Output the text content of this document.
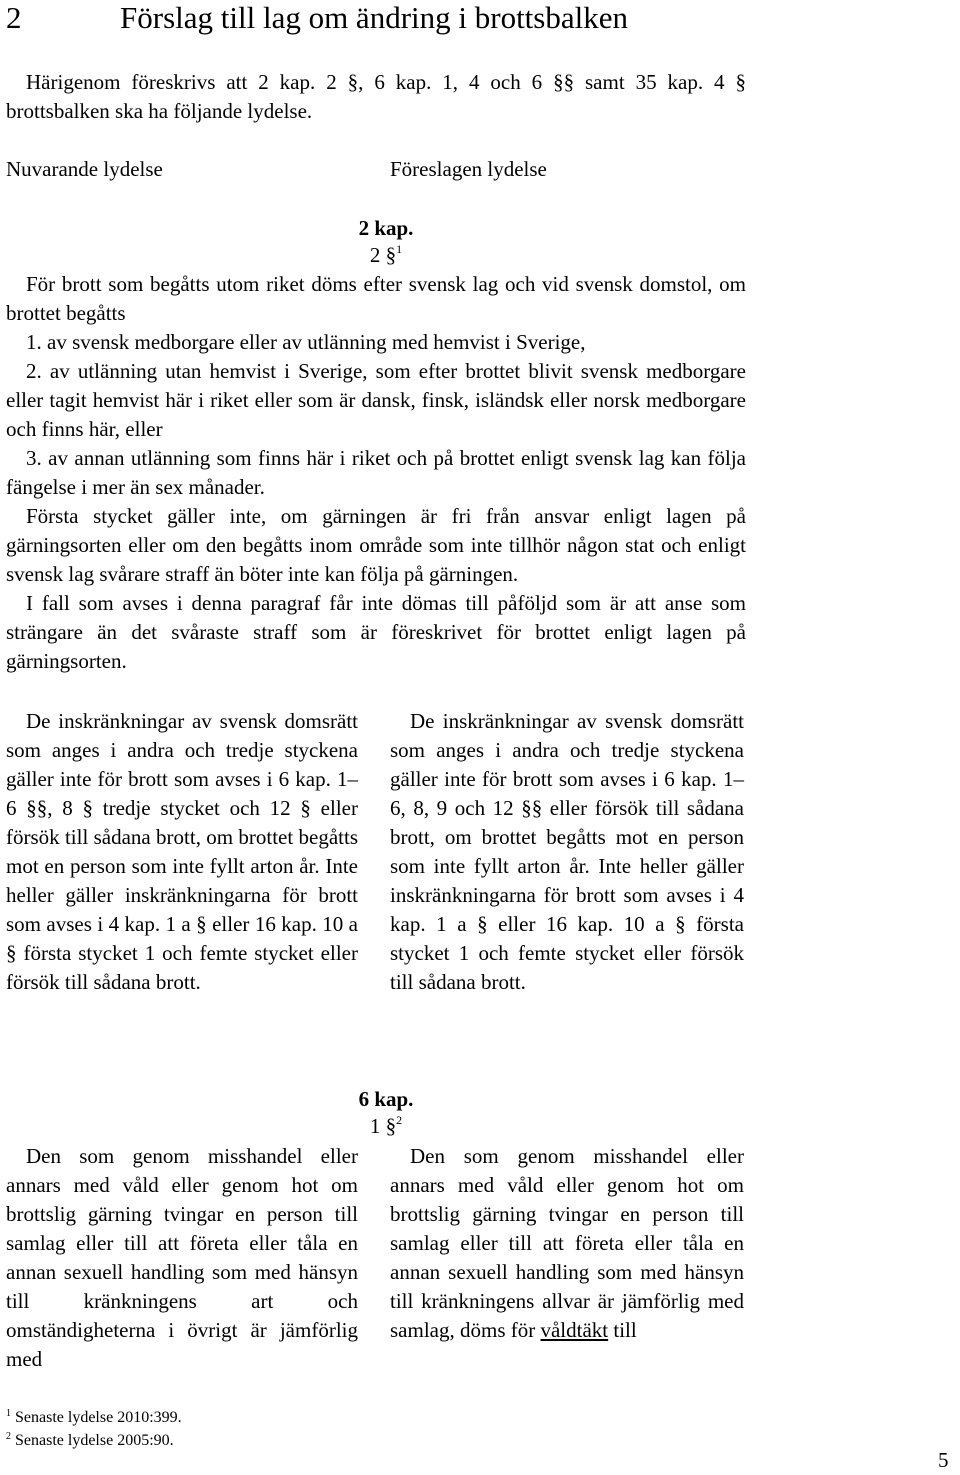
2	Förslag till lag om ändring i brottsbalken
Härigenom föreskrivs att 2 kap. 2 §, 6 kap. 1, 4 och 6 §§ samt 35 kap. 4 § brottsbalken ska ha följande lydelse.
Nuvarande lydelse	Föreslagen lydelse
2 kap.
2 §$^1$
För brott som begåtts utom riket döms efter svensk lag och vid svensk domstol, om brottet begåtts
1. av svensk medborgare eller av utlänning med hemvist i Sverige,
2. av utlänning utan hemvist i Sverige, som efter brottet blivit svensk medborgare eller tagit hemvist här i riket eller som är dansk, finsk, isländsk eller norsk medborgare och finns här, eller
3. av annan utlänning som finns här i riket och på brottet enligt svensk lag kan följa fängelse i mer än sex månader.
Första stycket gäller inte, om gärningen är fri från ansvar enligt lagen på gärningsorten eller om den begåtts inom område som inte tillhör någon stat och enligt svensk lag svårare straff än böter inte kan följa på gärningen.
I fall som avses i denna paragraf får inte dömas till påföljd som är att anse som strängare än det svåraste straff som är föreskrivet för brottet enligt lagen på gärningsorten.
De inskränkningar av svensk domsrätt som anges i andra och tredje styckena gäller inte för brott som avses i 6 kap. 1–6 §§, 8 § tredje stycket och 12 § eller försök till sådana brott, om brottet begåtts mot en person som inte fyllt arton år. Inte heller gäller inskränkningarna för brott som avses i 4 kap. 1 a § eller 16 kap. 10 a § första stycket 1 och femte stycket eller försök till sådana brott.
De inskränkningar av svensk domsrätt som anges i andra och tredje styckena gäller inte för brott som avses i 6 kap. 1–6, 8, 9 och 12 §§ eller försök till sådana brott, om brottet begåtts mot en person som inte fyllt arton år. Inte heller gäller inskränkningarna för brott som avses i 4 kap. 1 a § eller 16 kap. 10 a § första stycket 1 och femte stycket eller försök till sådana brott.
6 kap.
1 §$^2$
Den som genom misshandel eller annars med våld eller genom hot om brottslig gärning tvingar en person till samlag eller till att företa eller tåla en annan sexuell handling som med hänsyn till kränkningens art och omständigheterna i övrigt är jämförlig med
Den som genom misshandel eller annars med våld eller genom hot om brottslig gärning tvingar en person till samlag eller till att företa eller tåla en annan sexuell handling som med hänsyn till kränkningens allvar är jämförlig med samlag, döms för våldtäkt till
$^1$ Senaste lydelse 2010:399.
$^2$ Senaste lydelse 2005:90.
5
